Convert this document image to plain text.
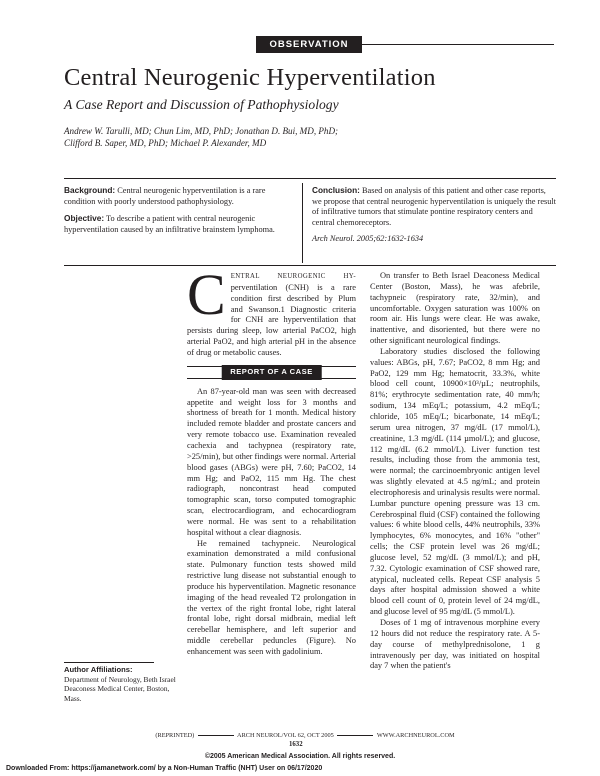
OBSERVATION
Central Neurogenic Hyperventilation
A Case Report and Discussion of Pathophysiology
Andrew W. Tarulli, MD; Chun Lim, MD, PhD; Jonathan D. Bui, MD, PhD;
Clifford B. Saper, MD, PhD; Michael P. Alexander, MD

Background: Central neurogenic hyperventilation is a rare condition with poorly understood pathophysiology.

Objective: To describe a patient with central neurogenic hyperventilation caused by an infiltrative brainstem lymphoma.

Conclusion: Based on analysis of this patient and other case reports, we propose that central neurogenic hyperventilation is uniquely the result of infiltrative tumors that stimulate pontine respiratory centers and central chemoreceptors.

Arch Neurol. 2005;62:1632-1634

CENTRAL NEUROGENIC HY-perventilation (CNH) is a rare condition first described by Plum and Swanson.1 Diagnostic criteria for CNH are hyperventilation that persists during sleep, low arterial PaCO2, high arterial PaO2, and high arterial pH in the absence of drug or metabolic causes.

REPORT OF A CASE

An 87-year-old man was seen with decreased appetite and weight loss for 3 months and shortness of breath for 1 month. Medical history included remote bladder and prostate cancers and very remote tobacco use. Examination revealed cachexia and tachypnea (respiratory rate, >25/min), but other findings were normal. Arterial blood gases (ABGs) were pH, 7.60; PaCO2, 14 mm Hg; and PaO2, 115 mm Hg. The chest radiograph, noncontrast head computed tomographic scan, torso computed tomographic scan, electrocardiogram, and echocardiogram were normal. He was sent to a rehabilitation hospital without a clear diagnosis.

He remained tachypneic. Neurological examination demonstrated a mild confusional state. Pulmonary function tests showed mild restrictive lung disease not substantial enough to produce his hyperventilation. Magnetic resonance imaging of the head revealed T2 prolongation in the vertex of the right frontal lobe, right lateral frontal lobe, right dorsal midbrain, medial left cerebellar hemisphere, and left superior and middle cerebellar peduncles (Figure). No enhancement was seen with gadolinium.

On transfer to Beth Israel Deaconess Medical Center (Boston, Mass), he was afebrile, tachypneic (respiratory rate, 32/min), and uncomfortable. Oxygen saturation was 100% on room air. His lungs were clear. He was awake, inattentive, and disoriented, but there were no other significant neurological findings.

Laboratory studies disclosed the following values: ABGs, pH, 7.67; PaCO2, 8 mm Hg; and PaO2, 129 mm Hg; hematocrit, 33.3%, white blood cell count, 10900×10³/µL; neutrophils, 81%; erythrocyte sedimentation rate, 40 mm/h; sodium, 134 mEq/L; potassium, 4.2 mEq/L; chloride, 105 mEq/L; bicarbonate, 14 mEq/L; serum urea nitrogen, 37 mg/dL (17 mmol/L), creatinine, 1.3 mg/dL (114 µmol/L); and glucose, 112 mg/dL (6.2 mmol/L). Liver function test results, including those from the ammonia test, were normal; the carcinoembryonic antigen level was slightly elevated at 4.5 ng/mL; and protein electrophoresis and urinalysis results were normal. Lumbar puncture opening pressure was 13 cm. Cerebrospinal fluid (CSF) contained the following values: 6 white blood cells, 44% neutrophils, 33% lymphocytes, 6% monocytes, and 16% "other" cells; the CSF protein level was 26 mg/dL; glucose level, 52 mg/dL (3 mmol/L); and pH, 7.32. Cytologic examination of CSF showed rare, atypical, nucleated cells. Repeat CSF analysis 5 days after hospital admission showed a white blood cell count of 0, protein level of 24 mg/dL, and glucose level of 95 mg/dL (5 mmol/L).

Doses of 1 mg of intravenous morphine every 12 hours did not reduce the respiratory rate. A 5-day course of methylprednisolone, 1 g intravenously per day, was initiated on hospital day 7 when the patient's

Author Affiliations:
Department of Neurology, Beth Israel Deaconess Medical Center, Boston, Mass.
(REPRINTED)	ARCH NEUROL/VOL 62, OCT 2005	WWW.ARCHNEUROL.COM
1632
©2005 American Medical Association. All rights reserved.
Downloaded From: https://jamanetwork.com/ by a Non-Human Traffic (NHT) User on 06/17/2020
